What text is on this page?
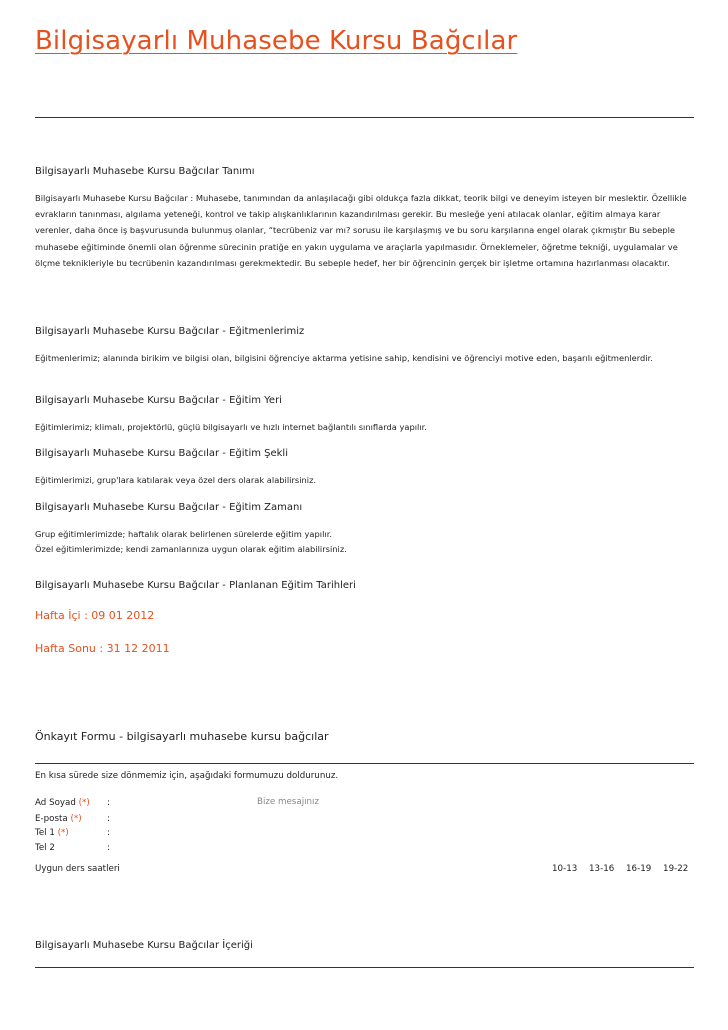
Bilgisayarlı Muhasebe Kursu Bağcılar
Bilgisayarlı Muhasebe Kursu Bağcılar Tanımı
Bilgisayarlı Muhasebe Kursu Bağcılar : Muhasebe, tanımından da anlaşılacağı gibi oldukça fazla dikkat, teorik bilgi ve deneyim isteyen bir meslektir. Özellikle evrakların tanınması, algılama yeteneği, kontrol ve takip alışkanlıklarının kazandırılması gerekir. Bu mesleğe yeni atılacak olanlar, eğitim almaya karar verenler, daha önce iş başvurusunda bulunmuş olanlar, “tecrübeniz var mı? sorusu ile karşılaşmış ve bu soru karşılarına engel olarak çıkmıştır Bu sebeple muhasebe eğitiminde önemli olan öğrenme sürecinin pratiğe en yakın uygulama ve araçlarla yapılmasıdır. Örneklemeler, öğretme tekniği, uygulamalar ve ölçme teknikleriyle bu tecrübenin kazandırılması gerekmektedir. Bu sebeple hedef, her bir öğrencinin gerçek bir işletme ortamına hazırlanması olacaktır.
Bilgisayarlı Muhasebe Kursu Bağcılar - Eğitmenlerimiz
Eğitmenlerimiz; alanında birikim ve bilgisi olan, bilgisini öğrenciye aktarma yetisine sahip, kendisini ve öğrenciyi motive eden, başarılı eğitmenlerdir.
Bilgisayarlı Muhasebe Kursu Bağcılar - Eğitim Yeri
Eğitimlerimiz; klimalı, projektörlü, güçlü bilgisayarlı ve hızlı internet bağlantılı sınıflarda yapılır.
Bilgisayarlı Muhasebe Kursu Bağcılar - Eğitim Şekli
Eğitimlerimizi, grup'lara katılarak veya özel ders olarak alabilirsiniz.
Bilgisayarlı Muhasebe Kursu Bağcılar - Eğitim Zamanı
Grup eğitimlerimizde; haftalık olarak belirlenen sürelerde eğitim yapılır.
Özel eğitimlerimizde; kendi zamanlarınıza uygun olarak eğitim alabilirsiniz.
Bilgisayarlı Muhasebe Kursu Bağcılar - Planlanan Eğitim Tarihleri
Hafta İçi : 09 01 2012
Hafta Sonu : 31 12 2011
Önkayıt Formu - bilgisayarlı muhasebe kursu bağcılar
En kısa sürede size dönmemiz için, aşağıdaki formumuzu doldurunuz.
Ad Soyad (*) :	Bize mesajınız
E-posta (*)	:
Tel 1 (*)	:
Tel 2	:
Uygun ders saatleri	10-13 13-16 16-19 19-22
Bilgisayarlı Muhasebe Kursu Bağcılar İçeriği
